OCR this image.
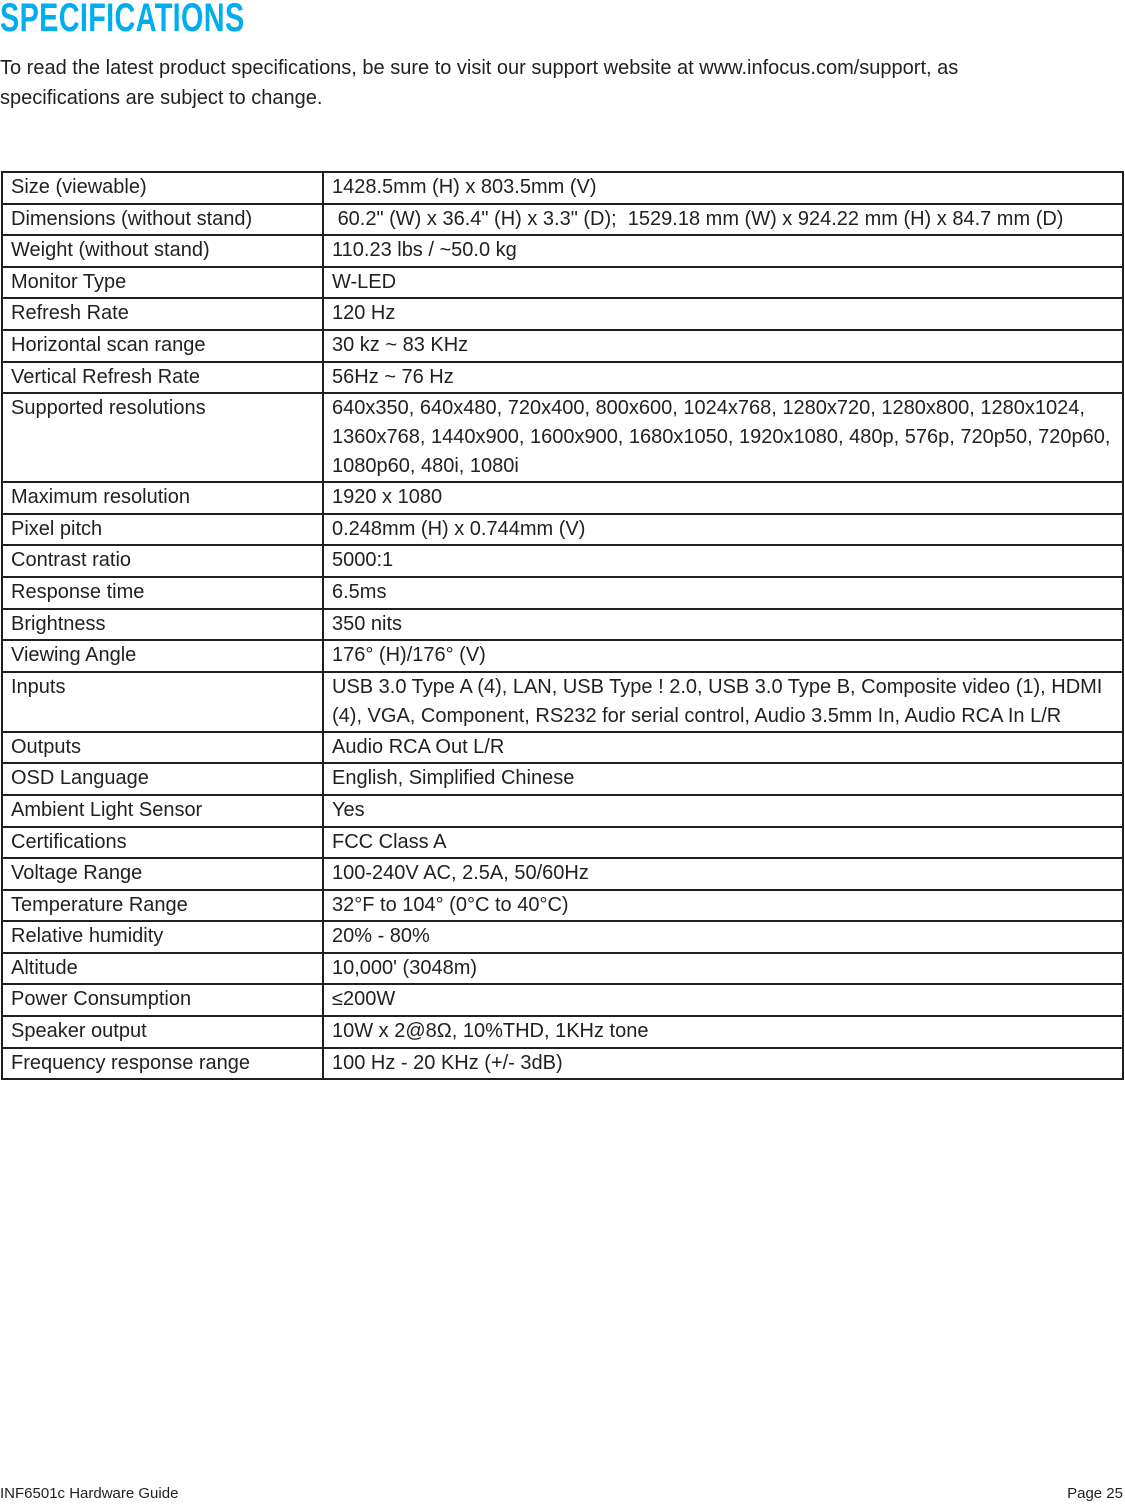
SPECIFICATIONS
To read the latest product specifications, be sure to visit our support website at www.infocus.com/support, as specifications are subject to change.
Size (viewable)	1428.5mm (H) x 803.5mm (V)
Dimensions (without stand)	60.2" (W) x 36.4" (H) x 3.3" (D);  1529.18 mm (W) x 924.22 mm (H) x 84.7 mm (D)
Weight (without stand)	110.23 lbs / ~50.0 kg
Monitor Type	W-LED
Refresh Rate	120 Hz
Horizontal scan range	30 kz ~ 83 KHz
Vertical Refresh Rate	56Hz ~ 76 Hz
Supported resolutions	640x350, 640x480, 720x400, 800x600, 1024x768, 1280x720, 1280x800, 1280x1024, 1360x768, 1440x900, 1600x900, 1680x1050, 1920x1080, 480p, 576p, 720p50, 720p60, 1080p60, 480i, 1080i
Maximum resolution	1920 x 1080
Pixel pitch	0.248mm (H) x 0.744mm (V)
Contrast ratio	5000:1
Response time	6.5ms
Brightness	350 nits
Viewing Angle	176° (H)/176° (V)
Inputs	USB 3.0 Type A (4), LAN, USB Type ! 2.0, USB 3.0 Type B, Composite video (1), HDMI (4), VGA, Component, RS232 for serial control, Audio 3.5mm In, Audio RCA In L/R
Outputs	Audio RCA Out L/R
OSD Language	English, Simplified Chinese
Ambient Light Sensor	Yes
Certifications	FCC Class A
Voltage Range	100-240V AC, 2.5A, 50/60Hz
Temperature Range	32°F to 104° (0°C to 40°C)
Relative humidity	20% - 80%
Altitude	10,000' (3048m)
Power Consumption	≤200W
Speaker output	10W x 2@8Ω, 10%THD, 1KHz tone
Frequency response range	100 Hz - 20 KHz (+/- 3dB)
INF6501c Hardware Guide	Page 25
